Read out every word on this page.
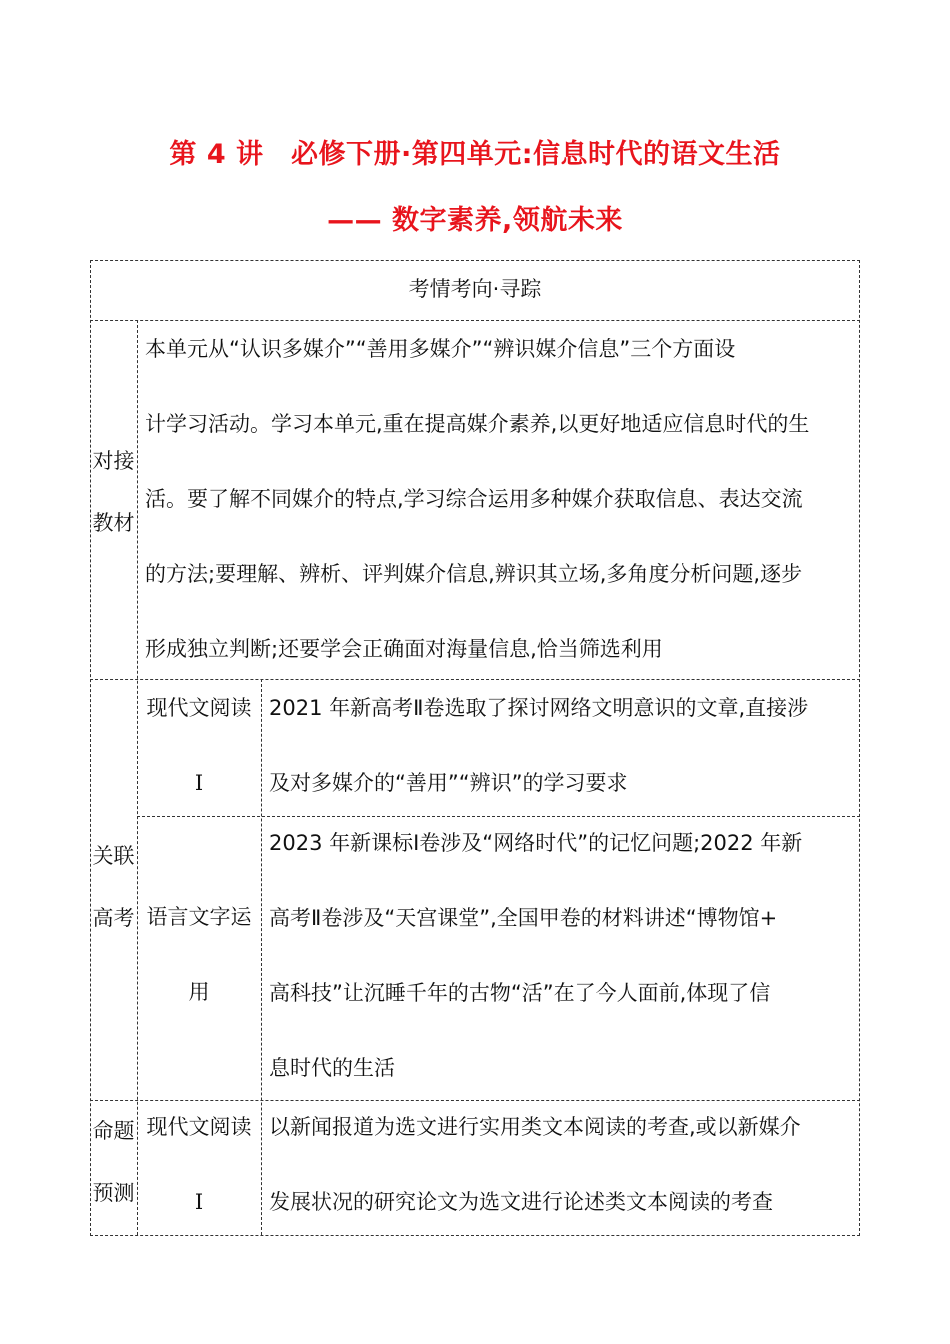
第 4 讲　必修下册·第四单元:信息时代的语文生活
—— 数字素养,领航未来
考情考向·寻踪
对接
教材
本单元从“认识多媒介”“善用多媒介”“辨识媒介信息”三个方面设
计学习活动。学习本单元,重在提高媒介素养,以更好地适应信息时代的生
活。要了解不同媒介的特点,学习综合运用多种媒介获取信息、表达交流
的方法;要理解、辨析、评判媒介信息,辨识其立场,多角度分析问题,逐步
形成独立判断;还要学会正确面对海量信息,恰当筛选利用
关联
高考
现代文阅读
Ⅰ
2021 年新高考Ⅱ卷选取了探讨网络文明意识的文章,直接涉
及对多媒介的“善用”“辨识”的学习要求
语言文字运
用
2023 年新课标Ⅰ卷涉及“网络时代”的记忆问题;2022 年新
高考Ⅱ卷涉及“天宫课堂”,全国甲卷的材料讲述“博物馆+
高科技”让沉睡千年的古物“活”在了今人面前,体现了信
息时代的生活
命题
预测
现代文阅读
Ⅰ
以新闻报道为选文进行实用类文本阅读的考查,或以新媒介
发展状况的研究论文为选文进行论述类文本阅读的考查
